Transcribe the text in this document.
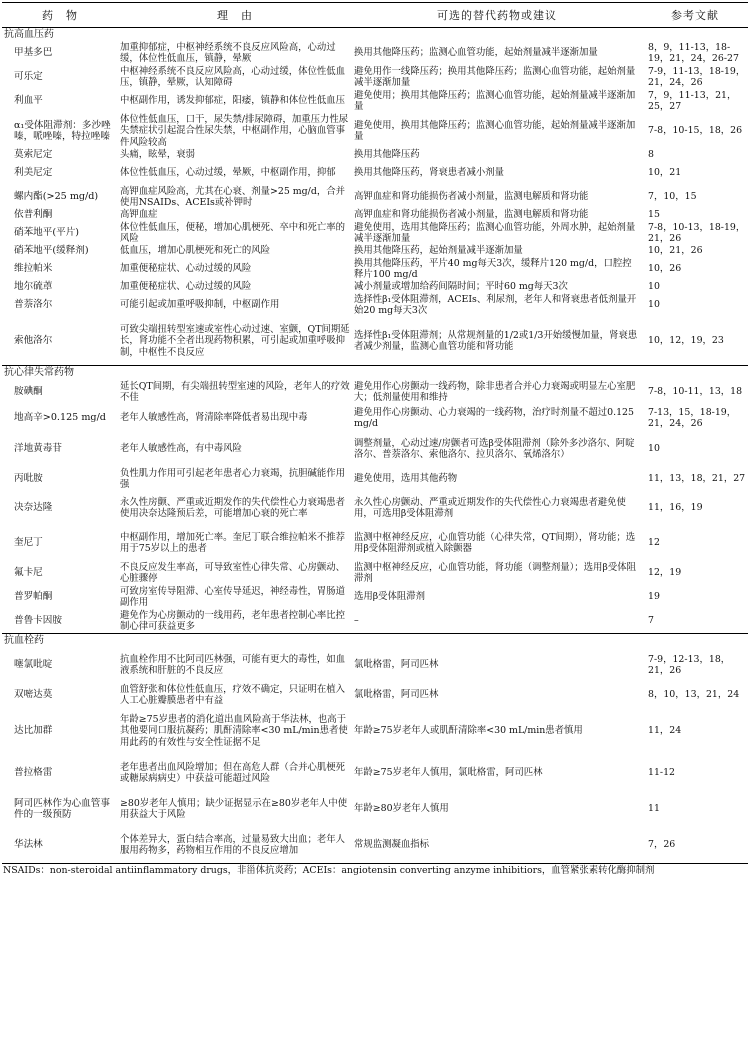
药　物	理　由	可选的替代药物或建议	参考文献
抗高血压药			
甲基多巴	加重抑郁症，中枢神经系统不良反应风险高，心动过缓，体位性低血压，镇静，晕厥	换用其他降压药；监测心血管功能，起始剂量减半逐渐加量	8，9，11-13，18-19，21，24，26-27
可乐定	中枢神经系统不良反应风险高，心动过缓，体位性低血压，镇静，晕厥，认知障碍	避免用作一线降压药；换用其他降压药；监测心血管功能，起始剂量减半逐渐加量	7-9，11-13，18-19，21，24，26
利血平	中枢副作用，诱发抑郁症，阳痿，镇静和体位性低血压	避免使用；换用其他降压药；监测心血管功能，起始剂量减半逐渐加量	7，9，11-13，21，25，27
α₁受体阻滞剂：多沙唑嗪，哌唑嗪，特拉唑嗪	体位性低血压，口干，尿失禁/排尿障碍，加重压力性尿失禁症状引起混合性尿失禁，中枢副作用，心脑血管事件风险较高	避免使用，换用其他降压药；监测心血管功能，起始剂量减半逐渐加量	7-8，10-15，18，26
莫索尼定	头痛，眩晕，衰弱	换用其他降压药	8
利美尼定	体位性低血压，心动过缓，晕厥，中枢副作用，抑郁	换用其他降压药，肾衰患者减小剂量	10，21
螺内酯(>25 mg/d)	高钾血症风险高，尤其在心衰、剂量>25 mg/d，合并使用NSAIDs、ACEIs或补钾时	高钾血症和肾功能损伤者减小剂量，监测电解质和肾功能	7，10，15
依普利酮	高钾血症	高钾血症和肾功能损伤者减小剂量，监测电解质和肾功能	15
硝苯地平(平片)	体位性低血压，便秘，增加心肌梗死、卒中和死亡率的风险	避免使用，选用其他降压药；监测心血管功能，外周水肿，起始剂量减半逐渐加量	7-8，10-13，18-19，21，26
硝苯地平(缓释剂)	低血压，增加心肌梗死和死亡的风险	换用其他降压药，起始剂量减半逐渐加量	10，21，26
维拉帕米	加重便秘症状、心动过缓的风险	换用其他降压药，平片40 mg每天3次，缓释片120 mg/d，口腔控释片100 mg/d	10，26
地尔硫䓬	加重便秘症状、心动过缓的风险	减小剂量或增加给药间隔时间；平时60 mg每天3次	10
普萘洛尔	可能引起或加重呼吸抑制，中枢副作用	选择性β₁受体阻滞剂，ACEIs、利尿剂，老年人和肾衰患者低剂量开始20 mg每天3次	10
索他洛尔	可致尖端扭转型室速或室性心动过速、室颤，QT间期延长，肾功能不全者出现药物积累，可引起或加重呼吸抑制，中枢性不良反应	选择性β₁受体阻滞剂；从常规剂量的1/2或1/3开始缓慢加量，肾衰患者减少剂量，监测心血管功能和肾功能	10，12，19，23
抗心律失常药物			
胺碘酮	延长QT间期，有尖端扭转型室速的风险，老年人的疗效不佳	避免用作心房颤动一线药物，除非患者合并心力衰竭或明显左心室肥大；低剂量使用和维持	7-8，10-11，13，18
地高辛>0.125 mg/d	老年人敏感性高，肾清除率降低者易出现中毒	避免用作心房颤动、心力衰竭的一线药物，治疗时剂量不超过0.125 mg/d	7-13，15，18-19，21，24，26
洋地黄毒苷	老年人敏感性高，有中毒风险	调整剂量，心动过速/房颤者可选β受体阻滞剂（除外多沙洛尔、阿啶洛尔、普萘洛尔、索他洛尔、拉贝洛尔、氧烯洛尔）	10
丙吡胺	负性肌力作用可引起老年患者心力衰竭，抗胆碱能作用强	避免使用，选用其他药物	11，13，18，21，27
决奈达隆	永久性房颤、严重或近期发作的失代偿性心力衰竭患者使用决奈达隆预后差，可能增加心衰的死亡率	永久性心房颤动、严重或近期发作的失代偿性心力衰竭患者避免使用，可选用β受体阻滞剂	11，16，19
奎尼丁	中枢副作用，增加死亡率。奎尼丁联合维拉帕米不推荐用于75岁以上的患者	监测中枢神经反应，心血管功能（心律失常，QT间期），肾功能；选用β受体阻滞剂或植入除颤器	12
氟卡尼	不良反应发生率高，可导致室性心律失常、心房颤动、心脏骤停	监测中枢神经反应，心血管功能，肾功能（调整剂量）；选用β受体阻滞剂	12，19
普罗帕酮	可致房室传导阻滞、心室传导延迟，神经毒性，胃肠道副作用	选用β受体阻滞剂	19
普鲁卡因胺	避免作为心房颤动的一线用药，老年患者控制心率比控制心律可获益更多	–	7
抗血栓药			
噻氯吡啶	抗血栓作用不比阿司匹林强，可能有更大的毒性，如血液系统和肝脏的不良反应	氯吡格雷，阿司匹林	7-9，12-13，18，21，26
双嘧达莫	血管舒张和体位性低血压，疗效不确定，只证明在植入人工心脏瓣膜患者中有益	氯吡格雷，阿司匹林	8，10，13，21，24
达比加群	年龄≥75岁患者的消化道出血风险高于华法林，也高于其他要同口服抗凝药；肌酐清除率<30 mL/min患者使用此药的有效性与安全性证据不足	年龄≥75岁老年人或肌酐清除率<30 mL/min患者慎用	11，24
普拉格雷	老年患者出血风险增加；但在高危人群（合并心肌梗死或糖尿病病史）中获益可能超过风险	年龄≥75岁老年人慎用，氯吡格雷，阿司匹林	11-12
阿司匹林作为心血管事件的一级预防	≥80岁老年人慎用；缺少证据显示在≥80岁老年人中使用获益大于风险	年龄≥80岁老年人慎用	11
华法林	个体差异大，蛋白结合率高，过量易致大出血；老年人服用药物多，药物相互作用的不良反应增加	常规监测凝血指标	7，26
NSAIDs：non-steroidal antiinflammatory drugs，非甾体抗炎药；ACEIs：angiotensin converting anzyme inhibitiors，血管紧张素转化酶抑制剂
